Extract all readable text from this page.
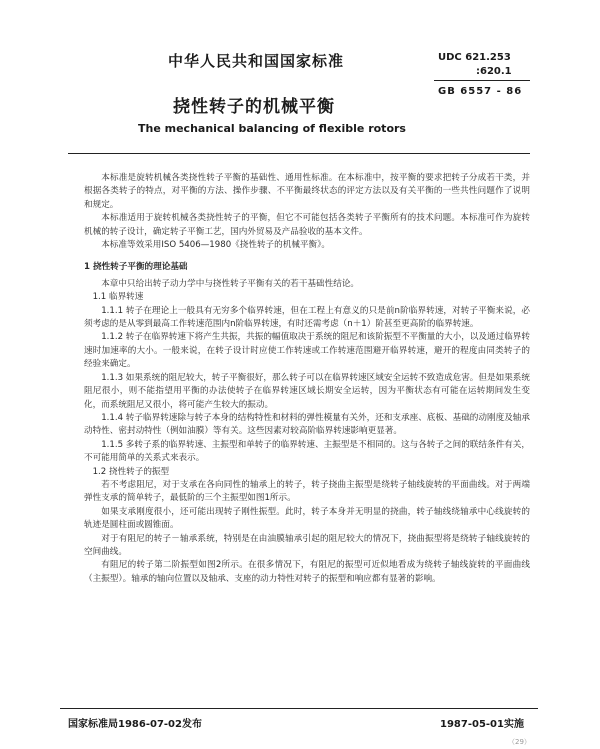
中华人民共和国国家标准	UDC 621.253
:620.1
GB 6557 - 86
挠性转子的机械平衡
The mechanical balancing of flexible rotors

本标准是旋转机械各类挠性转子平衡的基础性、通用性标准。在本标准中，按平衡的要求把转子分成若干类，并根据各类转子的特点，对平衡的方法、操作步骤、不平衡最终状态的评定方法以及有关平衡的一些共性问题作了说明和规定。

本标准适用于旋转机械各类挠性转子的平衡，但它不可能包括各类转子平衡所有的技术问题。本标准可作为旋转机械的转子设计，确定转子平衡工艺，国内外贸易及产品验收的基本文件。

本标准等效采用ISO 5406—1980《挠性转子的机械平衡》。

1 挠性转子平衡的理论基础

本章中只给出转子动力学中与挠性转子平衡有关的若干基础性结论。

1.1 临界转速

1.1.1 转子在理论上一般具有无穷多个临界转速，但在工程上有意义的只是前n阶临界转速，对转子平衡来说，必须考虑的是从零到最高工作转速范围内n阶临界转速，有时还需考虑（n＋1）阶甚至更高阶的临界转速。

1.1.2 转子在临界转速下将产生共振，共振的幅值取决于系统的阻尼和该阶振型不平衡量的大小，以及通过临界转速时加速率的大小。一般来说，在转子设计时应使工作转速或工作转速范围避开临界转速，避开的程度由同类转子的经验来确定。

1.1.3 如果系统的阻尼较大，转子平衡很好，那么转子可以在临界转速区域安全运转不致造成危害。但是如果系统阻尼很小，则不能指望用平衡的办法使转子在临界转速区域长期安全运转，因为平衡状态有可能在运转期间发生变化，而系统阻尼又很小，将可能产生较大的振动。

1.1.4 转子临界转速除与转子本身的结构特性和材料的弹性模量有关外，还和支承座、底板、基础的动刚度及轴承动特性、密封动特性（例如油膜）等有关。这些因素对较高阶临界转速影响更显著。

1.1.5 多转子系的临界转速、主振型和单转子的临界转速、主振型是不相同的。这与各转子之间的联结条件有关，不可能用简单的关系式来表示。

1.2 挠性转子的振型

若不考虑阻尼，对于支承在各向同性的轴承上的转子，转子挠曲主振型是绕转子轴线旋转的平面曲线。对于两端弹性支承的简单转子，最低阶的三个主振型如图1所示。

如果支承刚度很小，还可能出现转子刚性振型。此时，转子本身并无明显的挠曲，转子轴线绕轴承中心线旋转的轨迹是圆柱面或圆锥面。

对于有阻尼的转子－轴承系统，特别是在由油膜轴承引起的阻尼较大的情况下，挠曲振型将是绕转子轴线旋转的空间曲线。

有阻尼的转子第二阶振型如图2所示。在很多情况下，有阻尼的振型可近似地看成为绕转子轴线旋转的平面曲线（主振型）。轴承的轴向位置以及轴承、支座的动力特性对转子的振型和响应都有显著的影响。

国家标准局1986-07-02发布	1987-05-01实施
（29）
